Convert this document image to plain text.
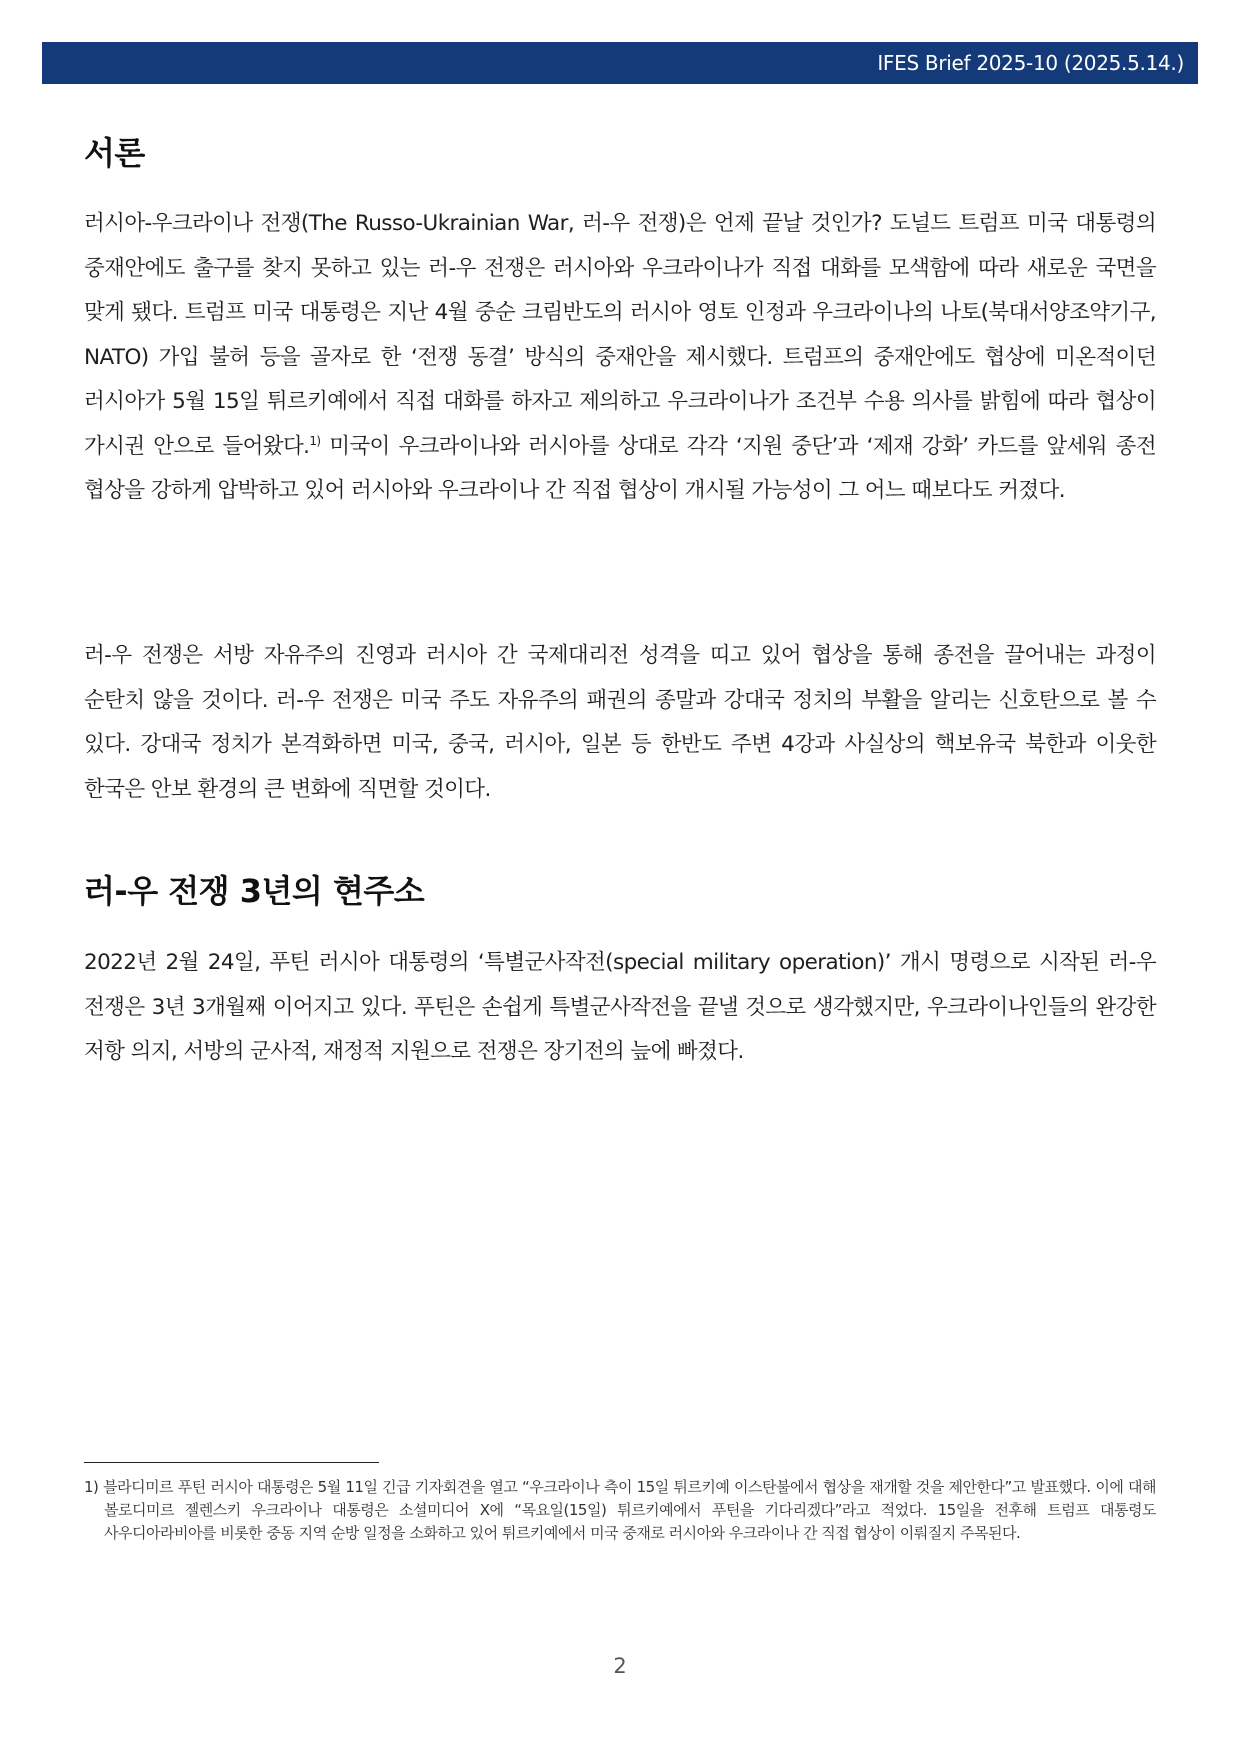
IFES Brief 2025-10 (2025.5.14.)
서론

러시아-우크라이나 전쟁(The Russo-Ukrainian War, 러-우 전쟁)은 언제 끝날 것인가? 도널드 트럼프 미국 대통령의 중재안에도 출구를 찾지 못하고 있는 러-우 전쟁은 러시아와 우크라이나가 직접 대화를 모색함에 따라 새로운 국면을 맞게 됐다. 트럼프 미국 대통령은 지난 4월 중순 크림반도의 러시아 영토 인정과 우크라이나의 나토(북대서양조약기구, NATO) 가입 불허 등을 골자로 한 ‘전쟁 동결’ 방식의 중재안을 제시했다. 트럼프의 중재안에도 협상에 미온적이던 러시아가 5월 15일 튀르키예에서 직접 대화를 하자고 제의하고 우크라이나가 조건부 수용 의사를 밝힘에 따라 협상이 가시권 안으로 들어왔다.$^{1)}$ 미국이 우크라이나와 러시아를 상대로 각각 ‘지원 중단’과 ‘제재 강화’ 카드를 앞세워 종전 협상을 강하게 압박하고 있어 러시아와 우크라이나 간 직접 협상이 개시될 가능성이 그 어느 때보다도 커졌다.

러-우 전쟁은 서방 자유주의 진영과 러시아 간 국제대리전 성격을 띠고 있어 협상을 통해 종전을 끌어내는 과정이 순탄치 않을 것이다. 러-우 전쟁은 미국 주도 자유주의 패권의 종말과 강대국 정치의 부활을 알리는 신호탄으로 볼 수 있다. 강대국 정치가 본격화하면 미국, 중국, 러시아, 일본 등 한반도 주변 4강과 사실상의 핵보유국 북한과 이웃한 한국은 안보 환경의 큰 변화에 직면할 것이다.

러-우 전쟁 3년의 현주소

2022년 2월 24일, 푸틴 러시아 대통령의 ‘특별군사작전(special military operation)’ 개시 명령으로 시작된 러-우 전쟁은 3년 3개월째 이어지고 있다. 푸틴은 손쉽게 특별군사작전을 끝낼 것으로 생각했지만, 우크라이나인들의 완강한 저항 의지, 서방의 군사적, 재정적 지원으로 전쟁은 장기전의 늪에 빠졌다.

1) 블라디미르 푸틴 러시아 대통령은 5월 11일 긴급 기자회견을 열고 “우크라이나 측이 15일 튀르키예 이스탄불에서 협상을 재개할 것을 제안한다”고 발표했다. 이에 대해 볼로디미르 젤렌스키 우크라이나 대통령은 소셜미디어 X에 “목요일(15일) 튀르키예에서 푸틴을 기다리겠다”라고 적었다. 15일을 전후해 트럼프 대통령도 사우디아라비아를 비롯한 중동 지역 순방 일정을 소화하고 있어 튀르키예에서 미국 중재로 러시아와 우크라이나 간 직접 협상이 이뤄질지 주목된다.
2
